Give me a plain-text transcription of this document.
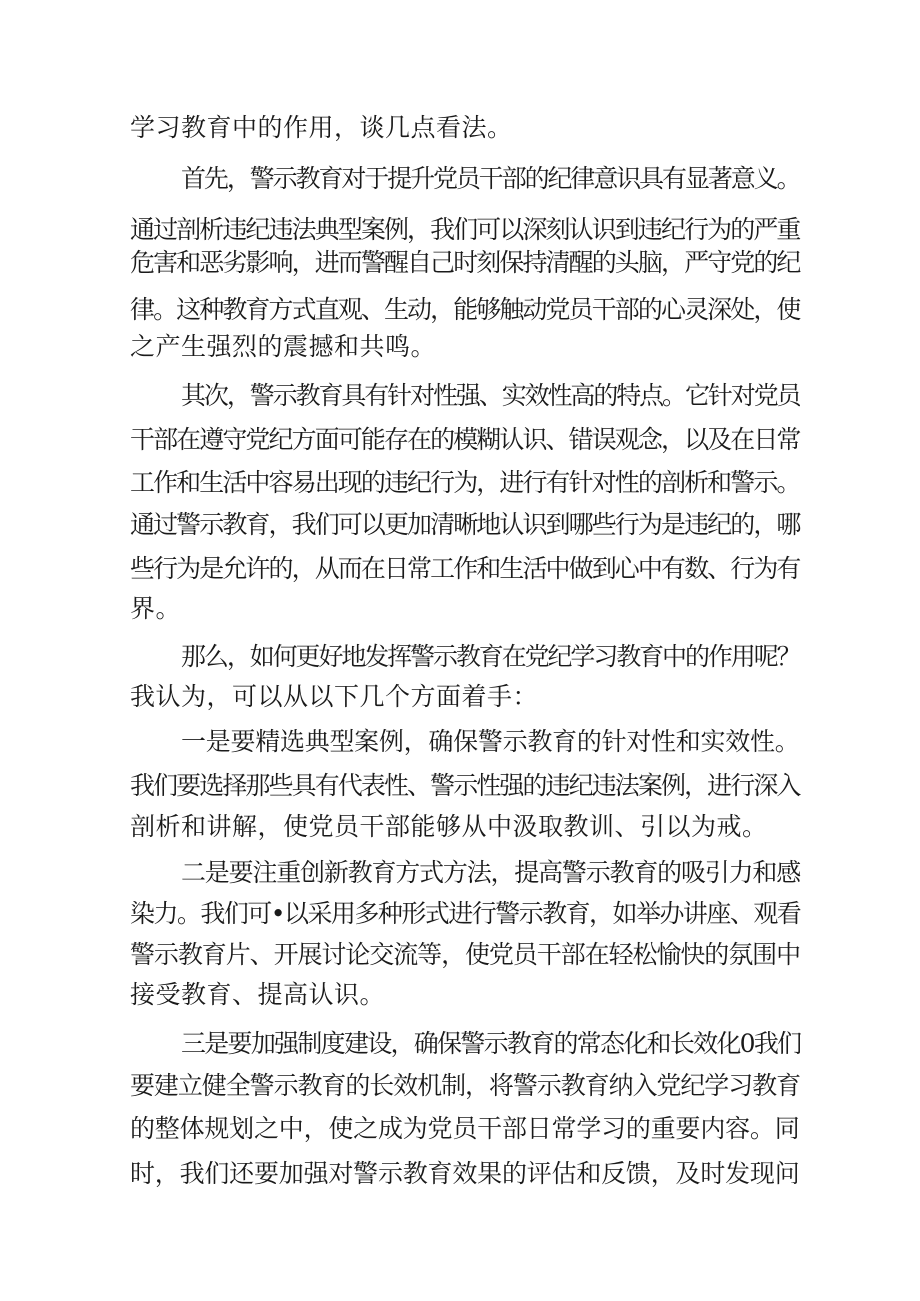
学习教育中的作用，谈几点看法。
首先，警示教育对于提升党员干部的纪律意识具有显著意义。
通过剖析违纪违法典型案例，我们可以深刻认识到违纪行为的严重
危害和恶劣影响，进而警醒自己时刻保持清醒的头脑，严守党的纪
律。这种教育方式直观、生动，能够触动党员干部的心灵深处，使
之产生强烈的震撼和共鸣。
其次，警示教育具有针对性强、实效性高的特点。它针对党员
干部在遵守党纪方面可能存在的模糊认识、错误观念，以及在日常
工作和生活中容易出现的违纪行为，进行有针对性的剖析和警示。
通过警示教育，我们可以更加清晰地认识到哪些行为是违纪的，哪
些行为是允许的，从而在日常工作和生活中做到心中有数、行为有
界。
那么，如何更好地发挥警示教育在党纪学习教育中的作用呢？
我认为，可以从以下几个方面着手：
一是要精选典型案例，确保警示教育的针对性和实效性。
我们要选择那些具有代表性、警示性强的违纪违法案例，进行深入
剖析和讲解，使党员干部能够从中汲取教训、引以为戒。
二是要注重创新教育方式方法，提高警示教育的吸引力和感
染力。我们可•以采用多种形式进行警示教育，如举办讲座、观看
警示教育片、开展讨论交流等，使党员干部在轻松愉快的氛围中
接受教育、提高认识。
三是要加强制度建设，确保警示教育的常态化和长效化0我们
要建立健全警示教育的长效机制，将警示教育纳入党纪学习教育
的整体规划之中，使之成为党员干部日常学习的重要内容。同
时，我们还要加强对警示教育效果的评估和反馈，及时发现问
